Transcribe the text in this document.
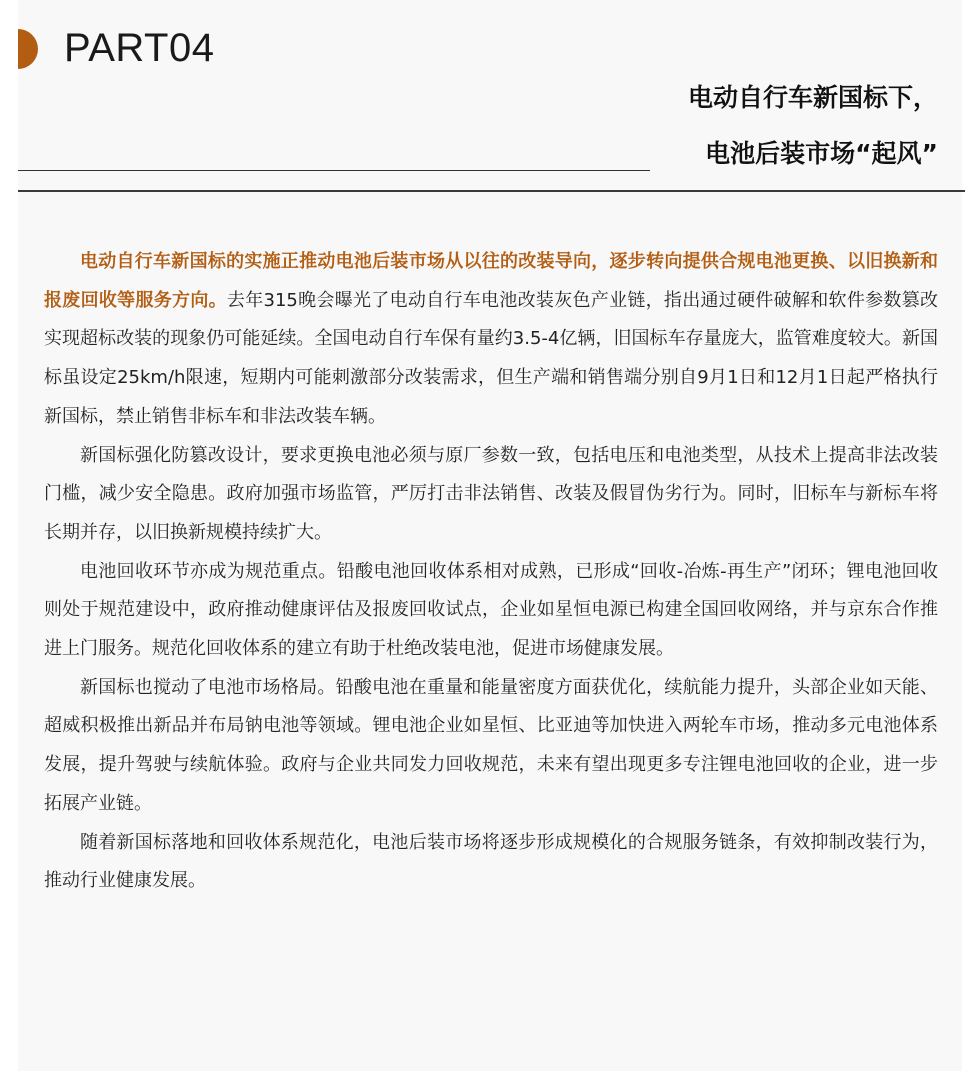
PART04
电动自行车新国标下，
电池后装市场“起风”

电动自行车新国标的实施正推动电池后装市场从以往的改装导向，逐步转向提供合规电池更换、以旧换新和报废回收等服务方向。去年315晚会曝光了电动自行车电池改装灰色产业链，指出通过硬件破解和软件参数篡改实现超标改装的现象仍可能延续。全国电动自行车保有量约3.5-4亿辆，旧国标车存量庞大，监管难度较大。新国标虽设定25km/h限速，短期内可能刺激部分改装需求，但生产端和销售端分别自9月1日和12月1日起严格执行新国标，禁止销售非标车和非法改装车辆。

新国标强化防篡改设计，要求更换电池必须与原厂参数一致，包括电压和电池类型，从技术上提高非法改装门槛，减少安全隐患。政府加强市场监管，严厉打击非法销售、改装及假冒伪劣行为。同时，旧标车与新标车将长期并存，以旧换新规模持续扩大。

电池回收环节亦成为规范重点。铅酸电池回收体系相对成熟，已形成“回收-冶炼-再生产”闭环；锂电池回收则处于规范建设中，政府推动健康评估及报废回收试点，企业如星恒电源已构建全国回收网络，并与京东合作推进上门服务。规范化回收体系的建立有助于杜绝改装电池，促进市场健康发展。

新国标也搅动了电池市场格局。铅酸电池在重量和能量密度方面获优化，续航能力提升，头部企业如天能、超威积极推出新品并布局钠电池等领域。锂电池企业如星恒、比亚迪等加快进入两轮车市场，推动多元电池体系发展，提升驾驶与续航体验。政府与企业共同发力回收规范，未来有望出现更多专注锂电池回收的企业，进一步拓展产业链。

随着新国标落地和回收体系规范化，电池后装市场将逐步形成规模化的合规服务链条，有效抑制改装行为，推动行业健康发展。
